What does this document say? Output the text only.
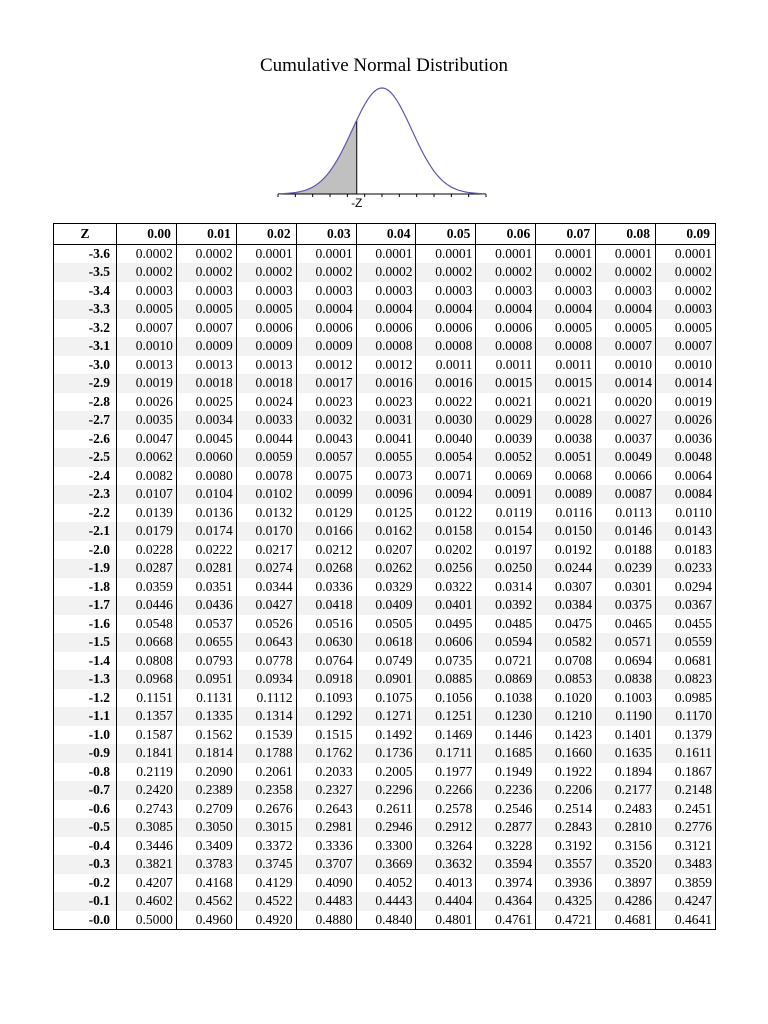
Cumulative Normal Distribution
-Z
Z	0.00	0.01	0.02	0.03	0.04	0.05	0.06	0.07	0.08	0.09
-3.6	0.0002	0.0002	0.0001	0.0001	0.0001	0.0001	0.0001	0.0001	0.0001	0.0001
-3.5	0.0002	0.0002	0.0002	0.0002	0.0002	0.0002	0.0002	0.0002	0.0002	0.0002
-3.4	0.0003	0.0003	0.0003	0.0003	0.0003	0.0003	0.0003	0.0003	0.0003	0.0002
-3.3	0.0005	0.0005	0.0005	0.0004	0.0004	0.0004	0.0004	0.0004	0.0004	0.0003
-3.2	0.0007	0.0007	0.0006	0.0006	0.0006	0.0006	0.0006	0.0005	0.0005	0.0005
-3.1	0.0010	0.0009	0.0009	0.0009	0.0008	0.0008	0.0008	0.0008	0.0007	0.0007
-3.0	0.0013	0.0013	0.0013	0.0012	0.0012	0.0011	0.0011	0.0011	0.0010	0.0010
-2.9	0.0019	0.0018	0.0018	0.0017	0.0016	0.0016	0.0015	0.0015	0.0014	0.0014
-2.8	0.0026	0.0025	0.0024	0.0023	0.0023	0.0022	0.0021	0.0021	0.0020	0.0019
-2.7	0.0035	0.0034	0.0033	0.0032	0.0031	0.0030	0.0029	0.0028	0.0027	0.0026
-2.6	0.0047	0.0045	0.0044	0.0043	0.0041	0.0040	0.0039	0.0038	0.0037	0.0036
-2.5	0.0062	0.0060	0.0059	0.0057	0.0055	0.0054	0.0052	0.0051	0.0049	0.0048
-2.4	0.0082	0.0080	0.0078	0.0075	0.0073	0.0071	0.0069	0.0068	0.0066	0.0064
-2.3	0.0107	0.0104	0.0102	0.0099	0.0096	0.0094	0.0091	0.0089	0.0087	0.0084
-2.2	0.0139	0.0136	0.0132	0.0129	0.0125	0.0122	0.0119	0.0116	0.0113	0.0110
-2.1	0.0179	0.0174	0.0170	0.0166	0.0162	0.0158	0.0154	0.0150	0.0146	0.0143
-2.0	0.0228	0.0222	0.0217	0.0212	0.0207	0.0202	0.0197	0.0192	0.0188	0.0183
-1.9	0.0287	0.0281	0.0274	0.0268	0.0262	0.0256	0.0250	0.0244	0.0239	0.0233
-1.8	0.0359	0.0351	0.0344	0.0336	0.0329	0.0322	0.0314	0.0307	0.0301	0.0294
-1.7	0.0446	0.0436	0.0427	0.0418	0.0409	0.0401	0.0392	0.0384	0.0375	0.0367
-1.6	0.0548	0.0537	0.0526	0.0516	0.0505	0.0495	0.0485	0.0475	0.0465	0.0455
-1.5	0.0668	0.0655	0.0643	0.0630	0.0618	0.0606	0.0594	0.0582	0.0571	0.0559
-1.4	0.0808	0.0793	0.0778	0.0764	0.0749	0.0735	0.0721	0.0708	0.0694	0.0681
-1.3	0.0968	0.0951	0.0934	0.0918	0.0901	0.0885	0.0869	0.0853	0.0838	0.0823
-1.2	0.1151	0.1131	0.1112	0.1093	0.1075	0.1056	0.1038	0.1020	0.1003	0.0985
-1.1	0.1357	0.1335	0.1314	0.1292	0.1271	0.1251	0.1230	0.1210	0.1190	0.1170
-1.0	0.1587	0.1562	0.1539	0.1515	0.1492	0.1469	0.1446	0.1423	0.1401	0.1379
-0.9	0.1841	0.1814	0.1788	0.1762	0.1736	0.1711	0.1685	0.1660	0.1635	0.1611
-0.8	0.2119	0.2090	0.2061	0.2033	0.2005	0.1977	0.1949	0.1922	0.1894	0.1867
-0.7	0.2420	0.2389	0.2358	0.2327	0.2296	0.2266	0.2236	0.2206	0.2177	0.2148
-0.6	0.2743	0.2709	0.2676	0.2643	0.2611	0.2578	0.2546	0.2514	0.2483	0.2451
-0.5	0.3085	0.3050	0.3015	0.2981	0.2946	0.2912	0.2877	0.2843	0.2810	0.2776
-0.4	0.3446	0.3409	0.3372	0.3336	0.3300	0.3264	0.3228	0.3192	0.3156	0.3121
-0.3	0.3821	0.3783	0.3745	0.3707	0.3669	0.3632	0.3594	0.3557	0.3520	0.3483
-0.2	0.4207	0.4168	0.4129	0.4090	0.4052	0.4013	0.3974	0.3936	0.3897	0.3859
-0.1	0.4602	0.4562	0.4522	0.4483	0.4443	0.4404	0.4364	0.4325	0.4286	0.4247
-0.0	0.5000	0.4960	0.4920	0.4880	0.4840	0.4801	0.4761	0.4721	0.4681	0.4641
